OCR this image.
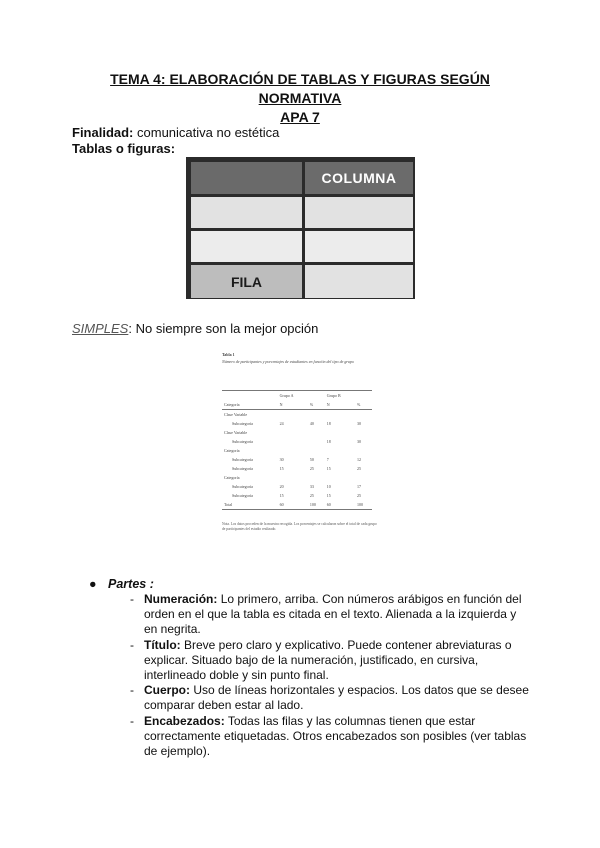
TEMA 4: ELABORACIÓN DE TABLAS Y FIGURAS SEGÚN NORMATIVA
APA 7
Finalidad: comunicativa no estética
Tablas o figuras:
COLUMNA
FILA
SIMPLES: No siempre son la mejor opción
Tabla 1
Número de participantes y porcentajes de estudiantes en función del tipo de grupo
	Grupo A		Grupo B	
Categoría	N	%	N	%
Clase Variable				
Subcategoría	24	40	18	30
Clase Variable				
Subcategoría			18	30
Categoría				
Subcategoría	30	50	7	12
Subcategoría	15	25	15	25
Categoría				
Subcategoría	20	33	10	17
Subcategoría	15	25	15	25
Total	60	100	60	100
Nota. Los datos proceden de la muestra recogida. Los porcentajes se calcularon sobre el total de cada grupo de participantes del estudio realizado.
● Partes :
- Numeración: Lo primero, arriba. Con números arábigos en función del orden en el que la tabla es citada en el texto. Alienada a la izquierda y en negrita.
- Título: Breve pero claro y explicativo. Puede contener abreviaturas o explicar. Situado bajo de la numeración, justificado, en cursiva, interlineado doble y sin punto final.
- Cuerpo: Uso de líneas horizontales y espacios. Los datos que se desee comparar deben estar al lado.
- Encabezados: Todas las filas y las columnas tienen que estar correctamente etiquetadas. Otros encabezados son posibles (ver tablas de ejemplo).
